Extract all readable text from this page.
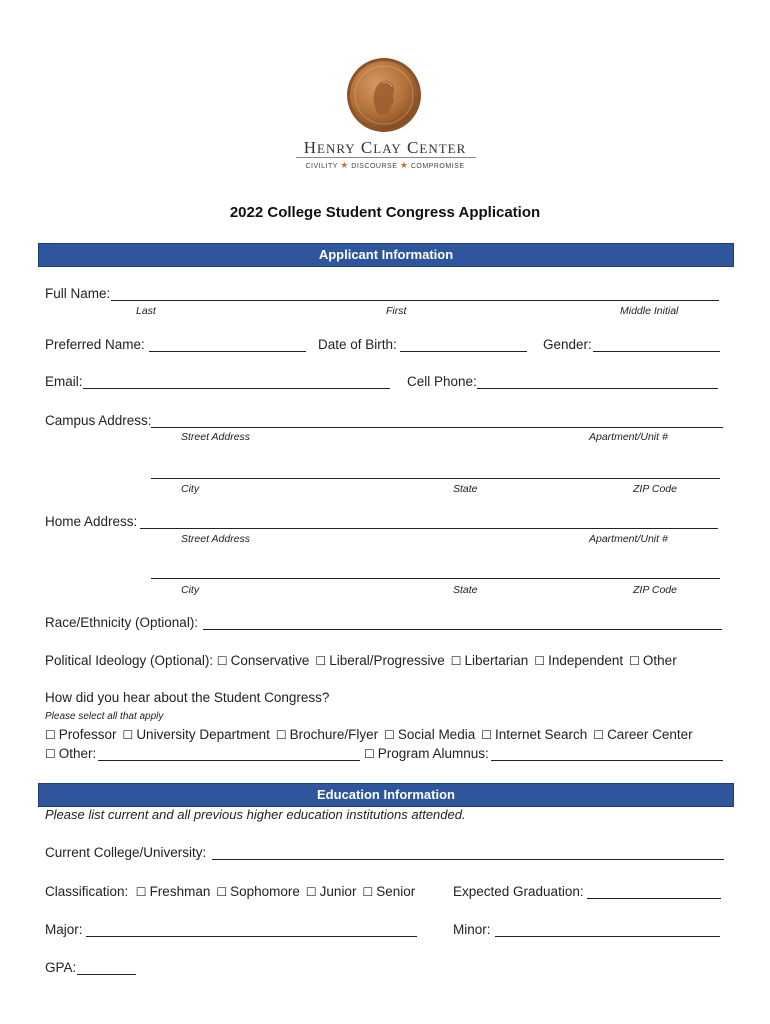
HENRY CLAY CENTER
CIVILITY ★ DISCOURSE ★ COMPROMISE
2022 College Student Congress Application
Applicant Information
Full Name:
Last	First	Middle Initial
Preferred Name:	Date of Birth:	Gender:
Email:	Cell Phone:
Campus Address:
Street Address	Apartment/Unit #
City	State	ZIP Code
Home Address:
Street Address	Apartment/Unit #
City	State	ZIP Code
Race/Ethnicity (Optional):
Political Ideology (Optional): ☐ Conservative ☐ Liberal/Progressive ☐ Libertarian ☐ Independent ☐ Other
How did you hear about the Student Congress?
Please select all that apply
☐ Professor ☐ University Department ☐ Brochure/Flyer ☐ Social Media ☐ Internet Search ☐ Career Center
☐ Other:	☐ Program Alumnus:
Education Information
Please list current and all previous higher education institutions attended.
Current College/University:
Classification: ☐ Freshman ☐ Sophomore ☐ Junior ☐ Senior	Expected Graduation:
Major:	Minor:
GPA:
